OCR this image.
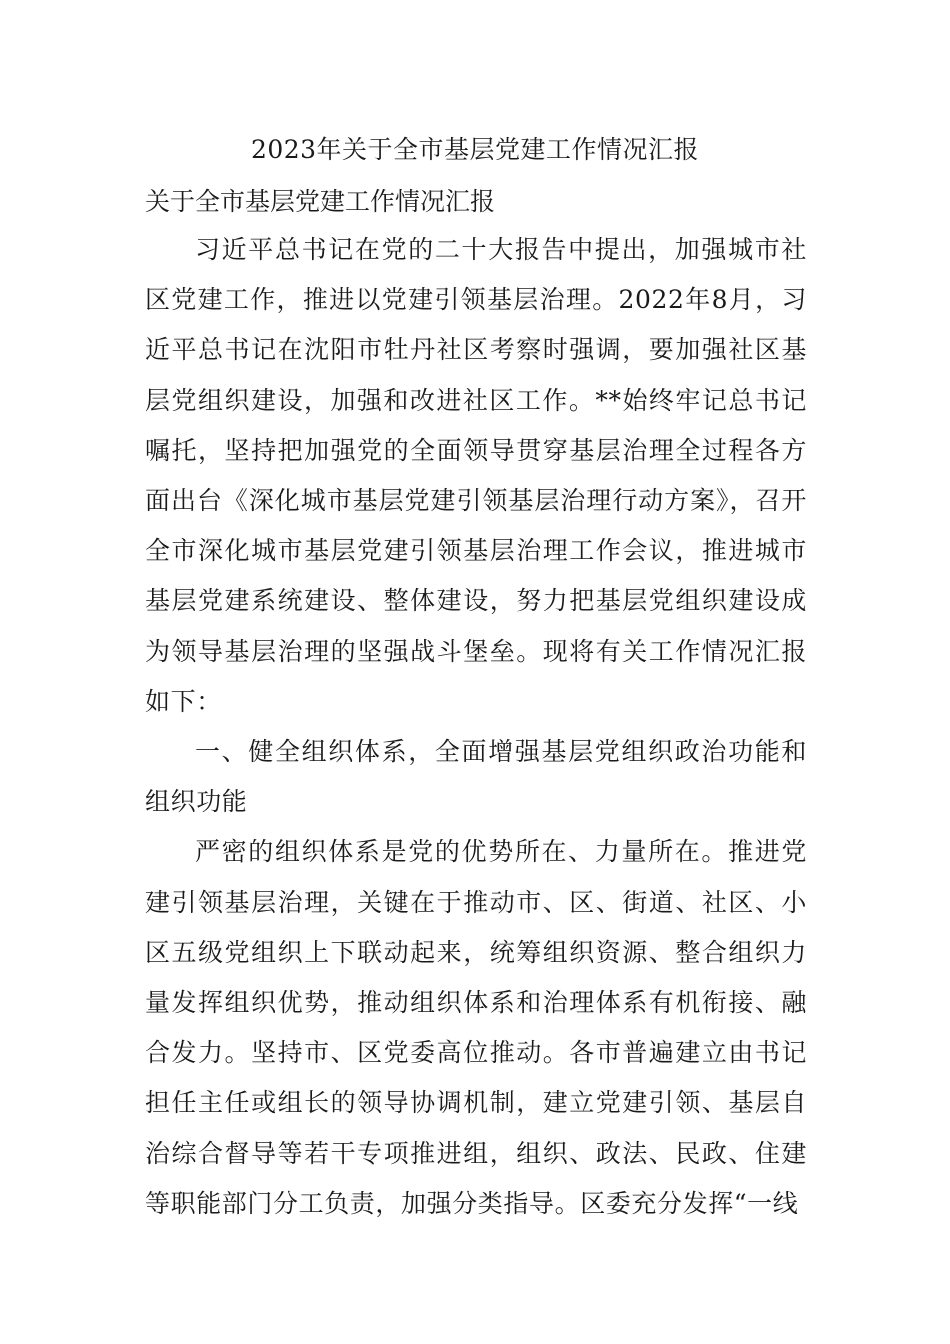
2023年关于全市基层党建工作情况汇报
关于全市基层党建工作情况汇报

习近平总书记在党的二十大报告中提出，加强城市社区党建工作，推进以党建引领基层治理。2022年8月，习近平总书记在沈阳市牡丹社区考察时强调，要加强社区基层党组织建设，加强和改进社区工作。**始终牢记总书记嘱托，坚持把加强党的全面领导贯穿基层治理全过程各方面出台《深化城市基层党建引领基层治理行动方案》，召开全市深化城市基层党建引领基层治理工作会议，推进城市基层党建系统建设、整体建设，努力把基层党组织建设成为领导基层治理的坚强战斗堡垒。现将有关工作情况汇报如下：

一、健全组织体系，全面增强基层党组织政治功能和组织功能

严密的组织体系是党的优势所在、力量所在。推进党建引领基层治理，关键在于推动市、区、街道、社区、小区五级党组织上下联动起来，统筹组织资源、整合组织力量发挥组织优势，推动组织体系和治理体系有机衔接、融合发力。坚持市、区党委高位推动。各市普遍建立由书记担任主任或组长的领导协调机制，建立党建引领、基层自治综合督导等若干专项推进组，组织、政法、民政、住建等职能部门分工负责，加强分类指导。区委充分发挥“一线
